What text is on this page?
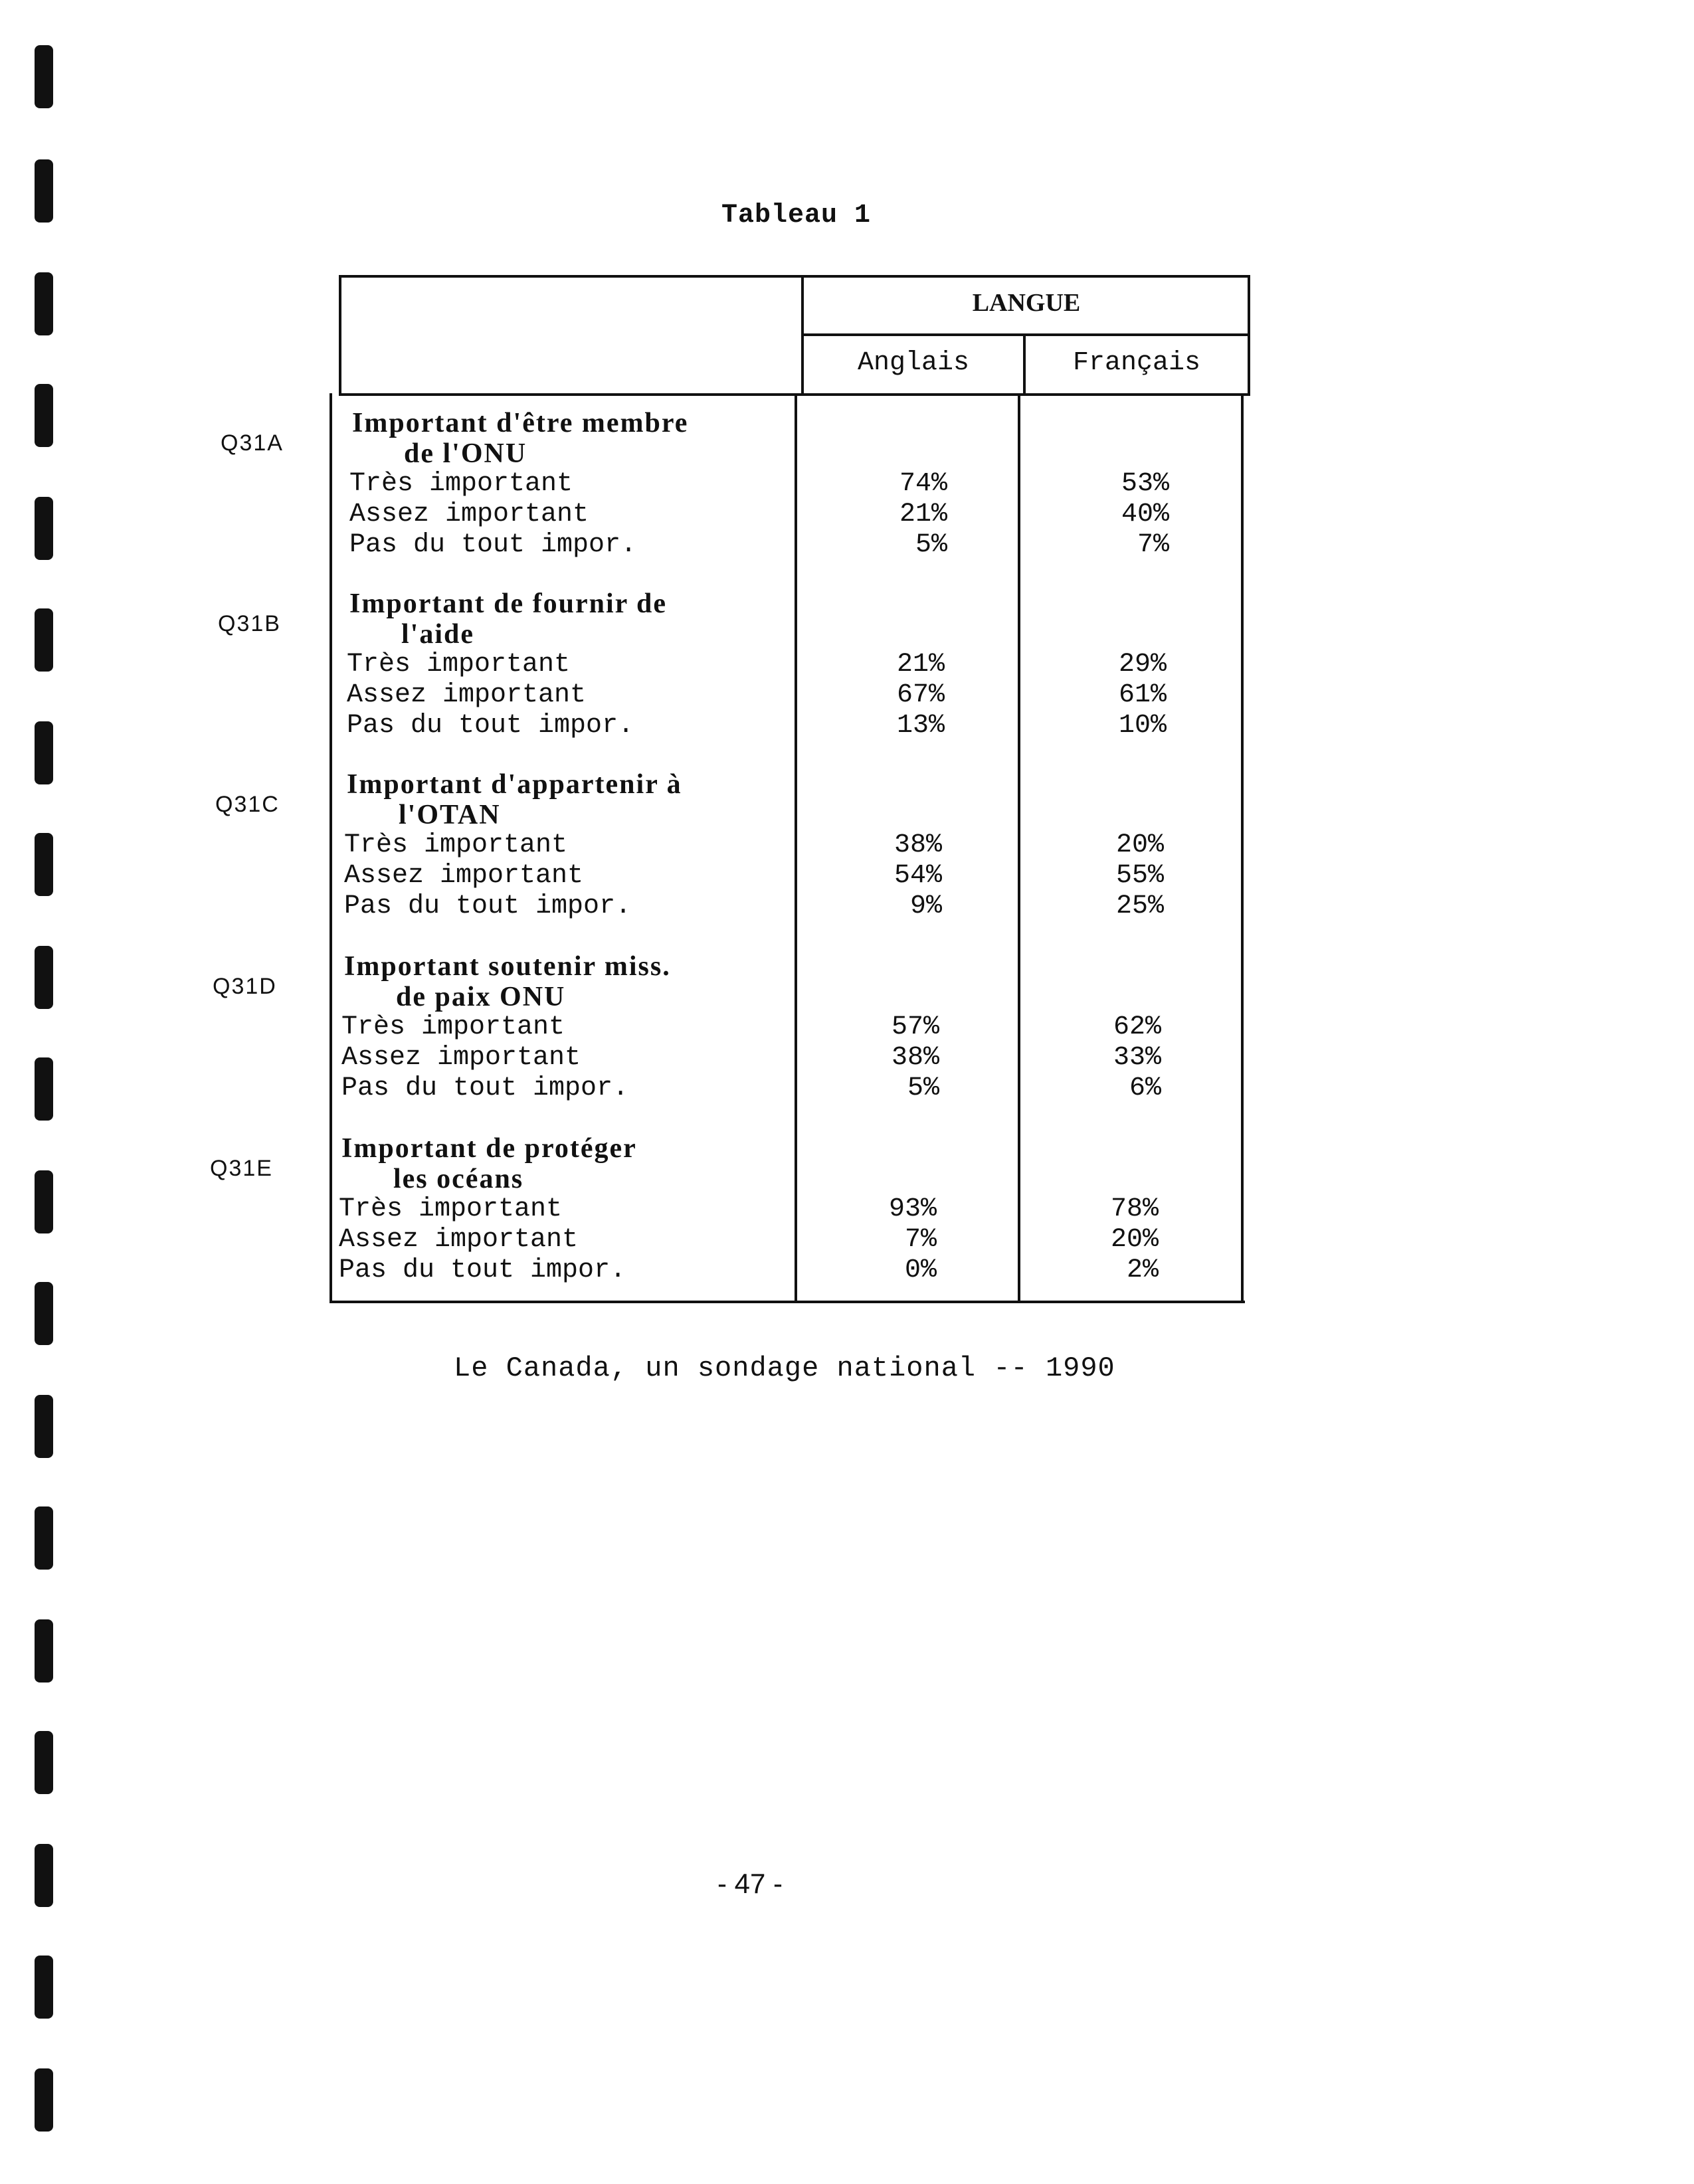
Tableau 1
LANGUE
Anglais	Français
Q31A
Important d'être membre
de l'ONU
Très important	74%	53%
Assez important	21%	40%
Pas du tout impor.	5%	7%
Q31B
Important de fournir de
l'aide
Très important	21%	29%
Assez important	67%	61%
Pas du tout impor.	13%	10%
Q31C
Important d'appartenir à
l'OTAN
Très important	38%	20%
Assez important	54%	55%
Pas du tout impor.	9%	25%
Q31D
Important soutenir miss.
de paix ONU
Très important	57%	62%
Assez important	38%	33%
Pas du tout impor.	5%	6%
Q31E
Important de protéger
les océans
Très important	93%	78%
Assez important	7%	20%
Pas du tout impor.	0%	2%
Le Canada, un sondage national -- 1990
- 47 -
